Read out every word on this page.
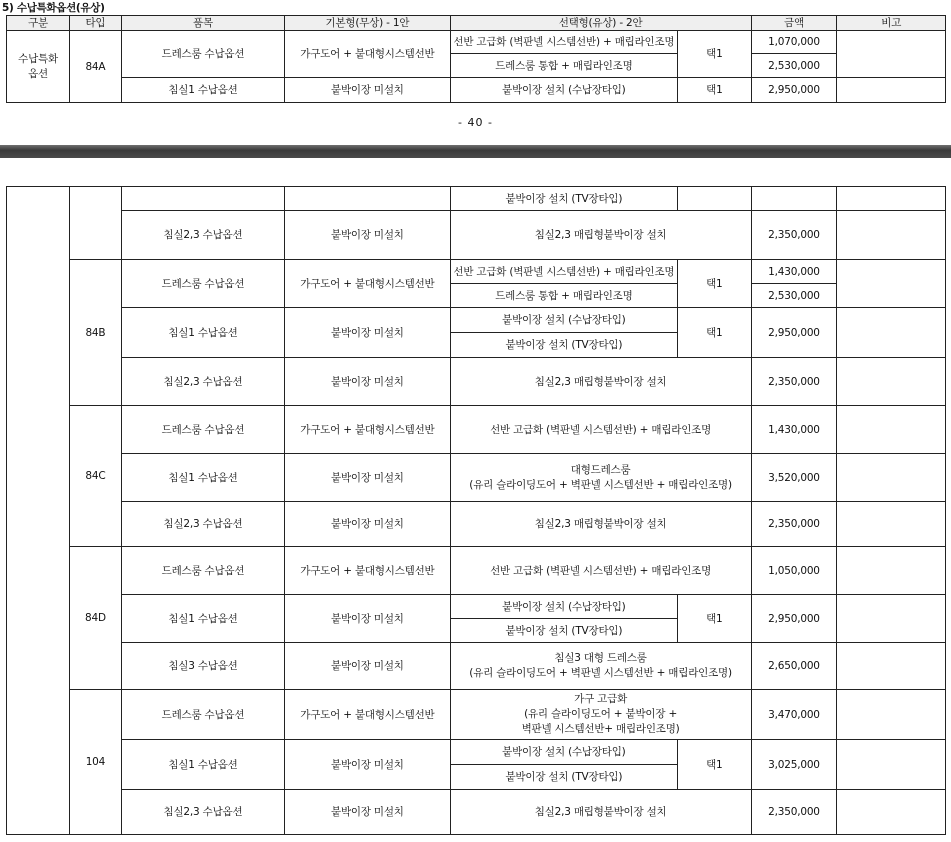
5) 수납특화옵션(유상)
구분	타입	품목	기본형(무상) - 1안	선택형(유상) - 2안		금액	비고

수납특화
옵션	84A	드레스룸 수납옵션	가구도어 + 붙대형시스템선반	선반 고급화 (벽판넬 시스템선반) + 매립라인조명	택1	1,070,000	
				드레스룸 통합 + 매립라인조명		2,530,000	
		침실1 수납옵션	붙박이장 미설치	붙박이장 설치 (수납장타입)	택1	2,950,000	
- 40 -
				붙박이장 설치 (TV장타입)			
		침실2,3 수납옵션	붙박이장 미설치	침실2,3 매립형붙박이장 설치		2,350,000	
	84B	드레스룸 수납옵션	가구도어 + 붙대형시스템선반	선반 고급화 (벽판넬 시스템선반) + 매립라인조명	택1	1,430,000	
				드레스룸 통합 + 매립라인조명		2,530,000	
		침실1 수납옵션	붙박이장 미설치	붙박이장 설치 (수납장타입)	택1	2,950,000	
				붙박이장 설치 (TV장타입)			
		침실2,3 수납옵션	붙박이장 미설치	침실2,3 매립형붙박이장 설치		2,350,000	
	84C	드레스룸 수납옵션	가구도어 + 붙대형시스템선반	선반 고급화 (벽판넬 시스템선반) + 매립라인조명		1,430,000	
		침실1 수납옵션	붙박이장 미설치	대형드레스룸
(유리 슬라이딩도어 + 벽판넬 시스템선반 + 매립라인조명)		3,520,000	
		침실2,3 수납옵션	붙박이장 미설치	침실2,3 매립형붙박이장 설치		2,350,000	
	84D	드레스룸 수납옵션	가구도어 + 붙대형시스템선반	선반 고급화 (벽판넬 시스템선반) + 매립라인조명		1,050,000	
		침실1 수납옵션	붙박이장 미설치	붙박이장 설치 (수납장타입)	택1	2,950,000	
				붙박이장 설치 (TV장타입)			
		침실3 수납옵션	붙박이장 미설치	침실3 대형 드레스룸
(유리 슬라이딩도어 + 벽판넬 시스템선반 + 매립라인조명)		2,650,000	
	104	드레스룸 수납옵션	가구도어 + 붙대형시스템선반	가구 고급화
(유리 슬라이딩도어 + 붙박이장 +
벽판넬 시스템선반+ 매립라인조명)		3,470,000	
		침실1 수납옵션	붙박이장 미설치	붙박이장 설치 (수납장타입)	택1	3,025,000	
				붙박이장 설치 (TV장타입)			
		침실2,3 수납옵션	붙박이장 미설치	침실2,3 매립형붙박이장 설치		2,350,000	
